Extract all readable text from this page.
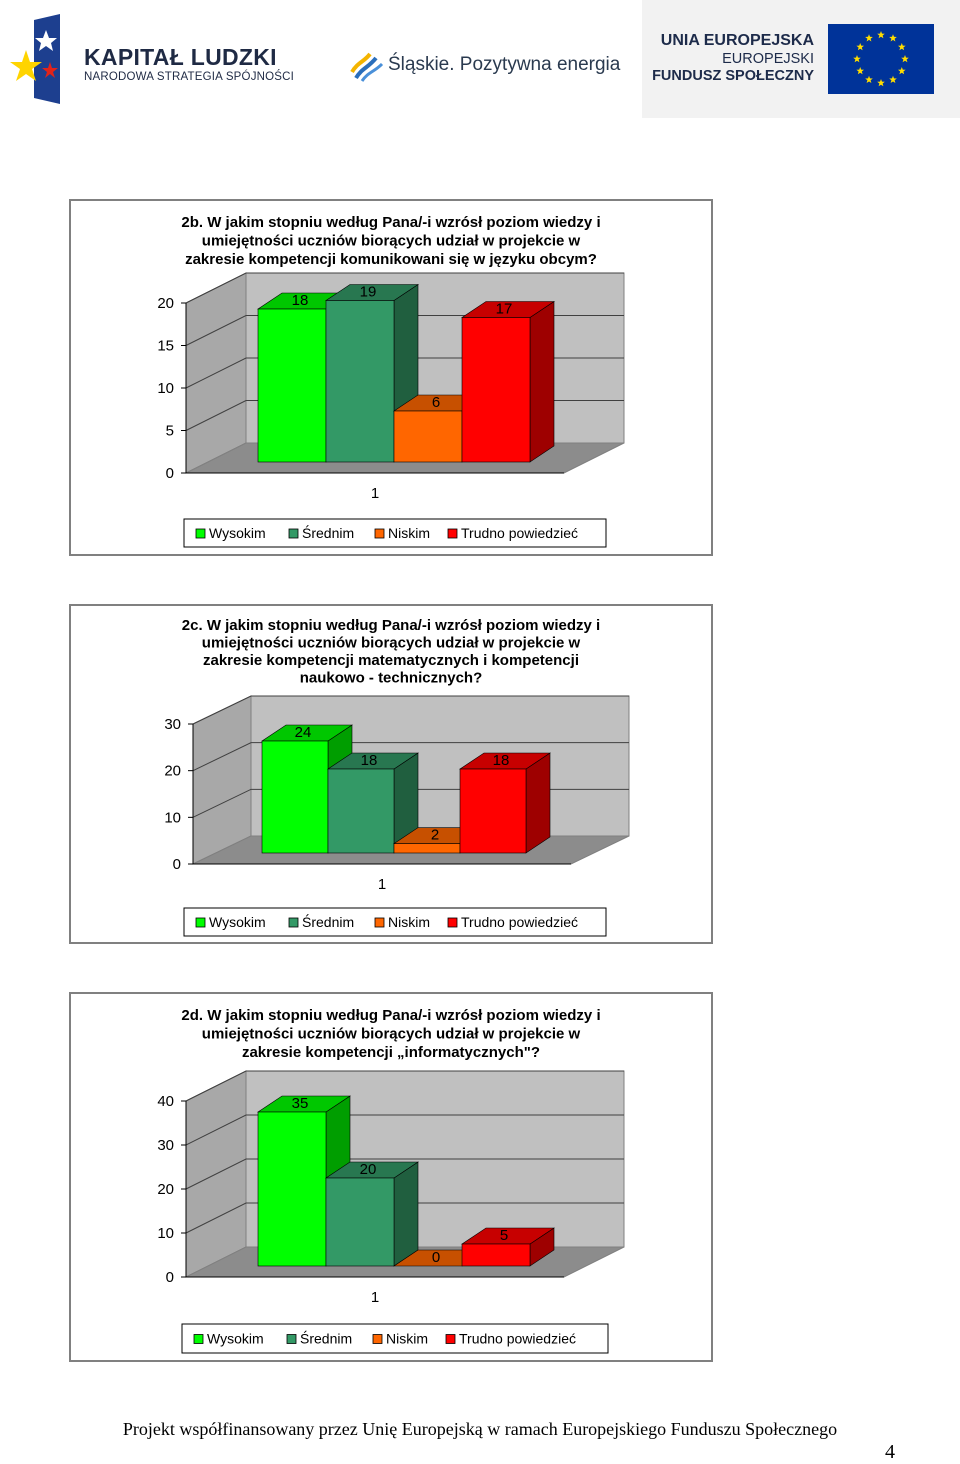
KAPITAŁ LUDZKI
NARODOWA STRATEGIA SPÓJNOŚCI
Śląskie. Pozytywna energia
UNIA EUROPEJSKA
EUROPEJSKI
FUNDUSZ SPOŁECZNY
2b. W jakim stopniu według Pana/-i wzrósł poziom wiedzy i
umiejętności uczniów biorących udział w projekcie w
zakresie kompetencji komunikowani się w języku obcym?
0
5
10
15
20	18	19
6
17
1
Wysokim	Średnim Niskim Trudno powiedzieć
2c. W jakim stopniu według Pana/-i wzrósł poziom wiedzy i
umiejętności uczniów biorących udział w projekcie w
zakresie kompetencji matematycznych i kompetencji
naukowo - technicznych?
0
10
20
30	24
18
2
18
1
Wysokim	Średnim Niskim Trudno powiedzieć
2d. W jakim stopniu według Pana/-i wzrósł poziom wiedzy i
umiejętności uczniów biorących udział w projekcie w
zakresie kompetencji „informatycznych"?
0
10
20
30
40	35
20
0
5
1
Wysokim	Średnim Niskim Trudno powiedzieć
Projekt współfinansowany przez Unię Europejską w ramach Europejskiego Funduszu Społecznego
4
